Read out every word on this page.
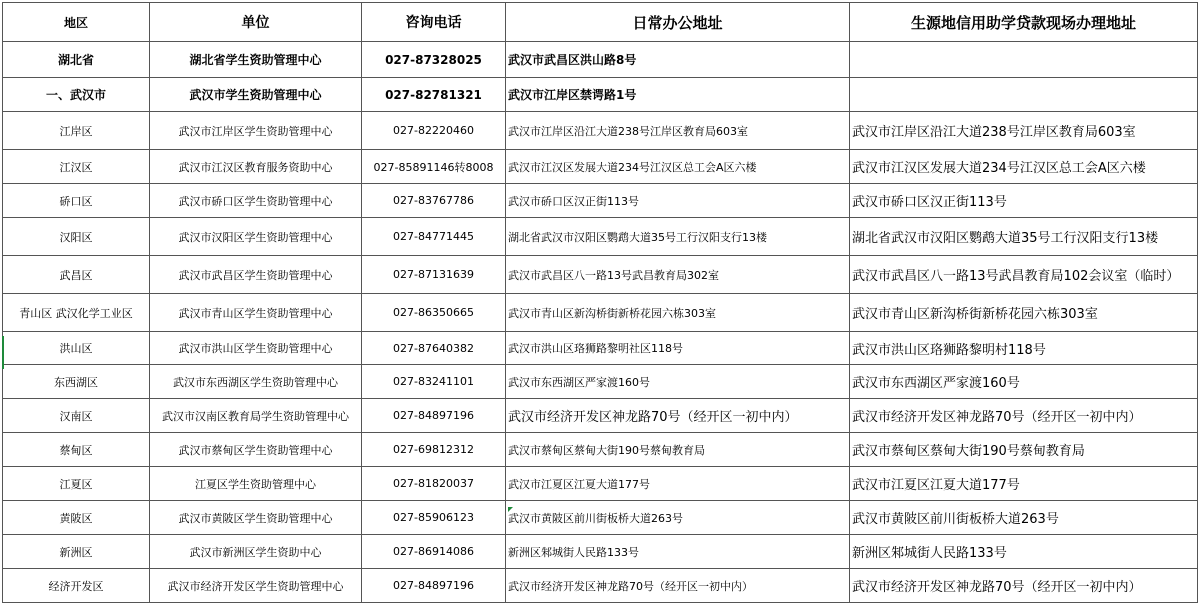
地区	单位	咨询电话	日常办公地址	生源地信用助学贷款现场办理地址
湖北省	湖北省学生资助管理中心	027-87328025	武汉市武昌区洪山路8号	
一、武汉市	武汉市学生资助管理中心	027-82781321	武汉市江岸区禁谔路1号	
江岸区	武汉市江岸区学生资助管理中心	027-82220460	武汉市江岸区沿江大道238号江岸区教育局603室	武汉市江岸区沿江大道238号江岸区教育局603室
江汉区	武汉市江汉区教育服务资助中心	027-85891146转8008	武汉市江汉区发展大道234号江汉区总工会A区六楼	武汉市江汉区发展大道234号江汉区总工会A区六楼
硚口区	武汉市硚口区学生资助管理中心	027-83767786	武汉市硚口区汉正街113号	武汉市硚口区汉正街113号
汉阳区	武汉市汉阳区学生资助管理中心	027-84771445	湖北省武汉市汉阳区鹦鹉大道35号工行汉阳支行13楼	湖北省武汉市汉阳区鹦鹉大道35号工行汉阳支行13楼
武昌区	武汉市武昌区学生资助管理中心	027-87131639	武汉市武昌区八一路13号武昌教育局302室	武汉市武昌区八一路13号武昌教育局102会议室（临时）
青山区 武汉化学工业区	武汉市青山区学生资助管理中心	027-86350665	武汉市青山区新沟桥街新桥花园六栋303室	武汉市青山区新沟桥街新桥花园六栋303室
洪山区	武汉市洪山区学生资助管理中心	027-87640382	武汉市洪山区珞狮路黎明社区118号	武汉市洪山区珞狮路黎明村118号
东西湖区	武汉市东西湖区学生资助管理中心	027-83241101	武汉市东西湖区严家渡160号	武汉市东西湖区严家渡160号
汉南区	武汉市汉南区教育局学生资助管理中心	027-84897196	武汉市经济开发区神龙路70号（经开区一初中内）	武汉市经济开发区神龙路70号（经开区一初中内）
蔡甸区	武汉市蔡甸区学生资助管理中心	027-69812312	武汉市蔡甸区蔡甸大街190号蔡甸教育局	武汉市蔡甸区蔡甸大街190号蔡甸教育局
江夏区	江夏区学生资助管理中心	027-81820037	武汉市江夏区江夏大道177号	武汉市江夏区江夏大道177号
黄陂区	武汉市黄陂区学生资助管理中心	027-85906123	武汉市黄陂区前川街板桥大道263号	武汉市黄陂区前川街板桥大道263号
新洲区	武汉市新洲区学生资助中心	027-86914086	新洲区邾城街人民路133号	新洲区邾城街人民路133号
经济开发区	武汉市经济开发区学生资助管理中心	027-84897196	武汉市经济开发区神龙路70号（经开区一初中内）	武汉市经济开发区神龙路70号（经开区一初中内）
